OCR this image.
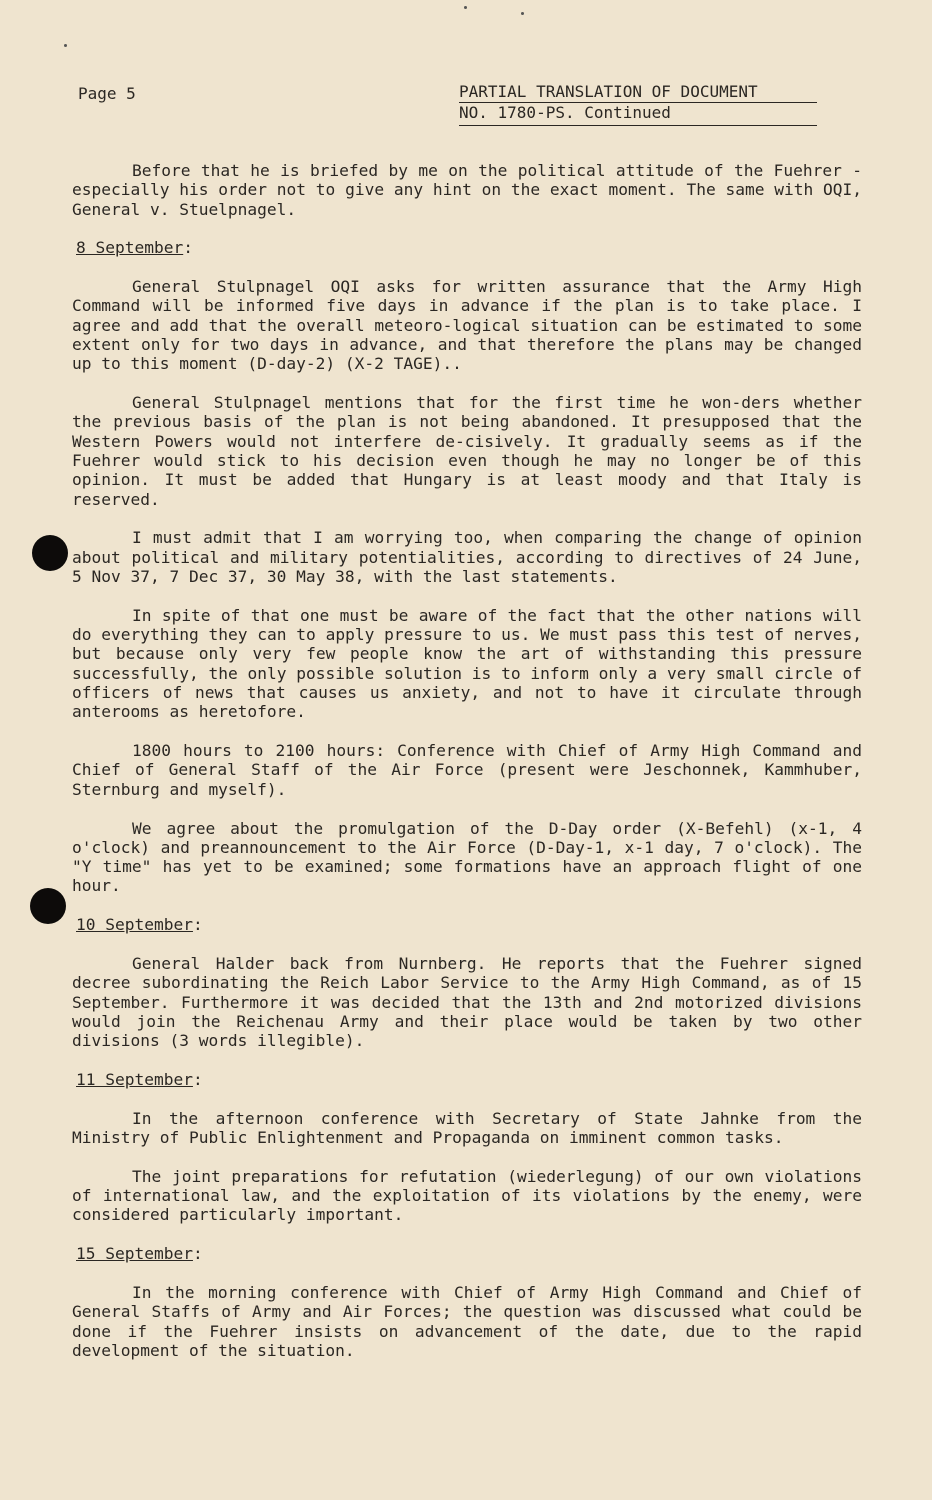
Page 5	PARTIAL TRANSLATION OF DOCUMENT
NO. 1780-PS. Continued

Before that he is briefed by me on the political attitude of the Fuehrer - especially his order not to give any hint on the exact moment. The same with OQI, General v. Stuelpnagel.

8 September:

General Stulpnagel OQI asks for written assurance that the Army High Command will be informed five days in advance if the plan is to take place. I agree and add that the overall meteoro-logical situation can be estimated to some extent only for two days in advance, and that therefore the plans may be changed up to this moment (D-day-2) (X-2 TAGE)..

General Stulpnagel mentions that for the first time he won-ders whether the previous basis of the plan is not being abandoned. It presupposed that the Western Powers would not interfere de-cisively. It gradually seems as if the Fuehrer would stick to his decision even though he may no longer be of this opinion. It must be added that Hungary is at least moody and that Italy is reserved.

I must admit that I am worrying too, when comparing the change of opinion about political and military potentialities, according to directives of 24 June, 5 Nov 37, 7 Dec 37, 30 May 38, with the last statements.

In spite of that one must be aware of the fact that the other nations will do everything they can to apply pressure to us. We must pass this test of nerves, but because only very few people know the art of withstanding this pressure successfully, the only possible solution is to inform only a very small circle of officers of news that causes us anxiety, and not to have it circulate through anterooms as heretofore.

1800 hours to 2100 hours: Conference with Chief of Army High Command and Chief of General Staff of the Air Force (present were Jeschonnek, Kammhuber, Sternburg and myself).

We agree about the promulgation of the D-Day order (X-Befehl) (x-1, 4 o'clock) and preannouncement to the Air Force (D-Day-1, x-1 day, 7 o'clock). The "Y time" has yet to be examined; some formations have an approach flight of one hour.

10 September:

General Halder back from Nurnberg. He reports that the Fuehrer signed decree subordinating the Reich Labor Service to the Army High Command, as of 15 September. Furthermore it was decided that the 13th and 2nd motorized divisions would join the Reichenau Army and their place would be taken by two other divisions (3 words illegible).

11 September:

In the afternoon conference with Secretary of State Jahnke from the Ministry of Public Enlightenment and Propaganda on imminent common tasks.

The joint preparations for refutation (wiederlegung) of our own violations of international law, and the exploitation of its violations by the enemy, were considered particularly important.

15 September:

In the morning conference with Chief of Army High Command and Chief of General Staffs of Army and Air Forces; the question was discussed what could be done if the Fuehrer insists on advancement of the date, due to the rapid development of the situation.
